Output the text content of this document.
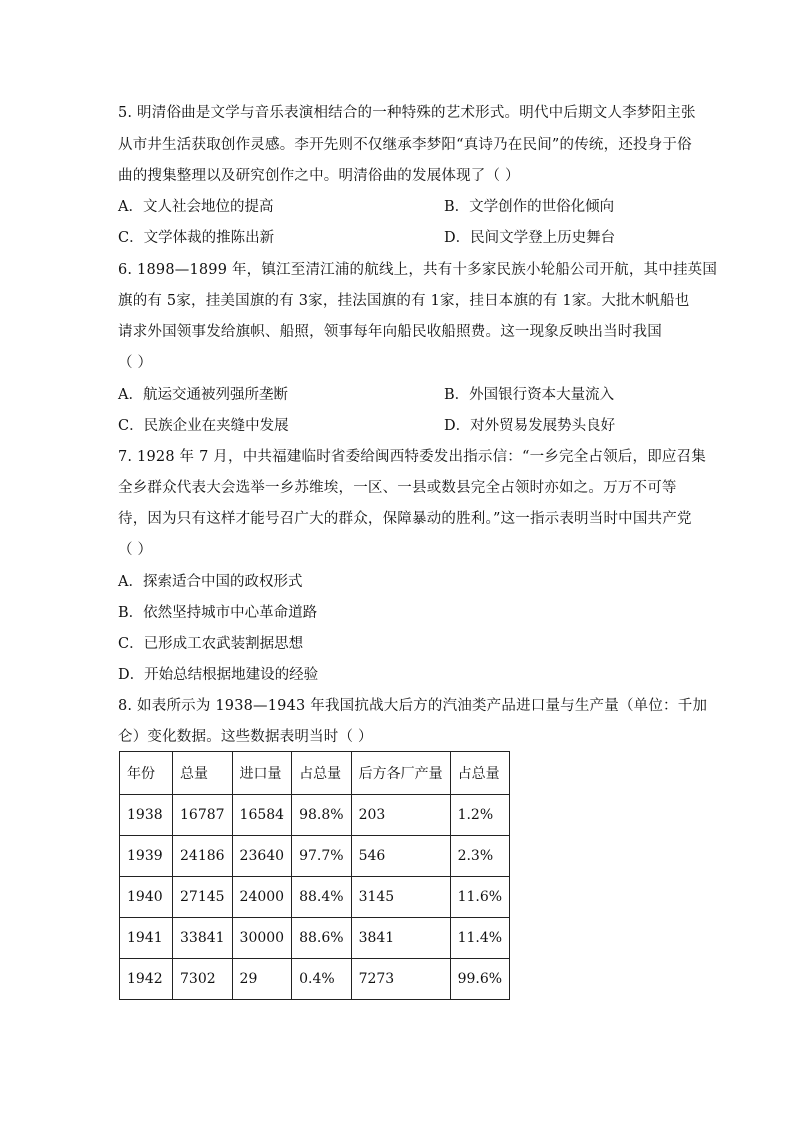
5. 明清俗曲是文学与音乐表演相结合的一种特殊的艺术形式。明代中后期文人李梦阳主张
从市井生活获取创作灵感。李开先则不仅继承李梦阳“真诗乃在民间”的传统，还投身于俗
曲的搜集整理以及研究创作之中。明清俗曲的发展体现了（ ）
A．文人社会地位的提高	B．文学创作的世俗化倾向
C．文学体裁的推陈出新	D．民间文学登上历史舞台
6. 1898—1899 年，镇江至清江浦的航线上，共有十多家民族小轮船公司开航，其中挂英国
旗的有 5家，挂美国旗的有 3家，挂法国旗的有 1家，挂日本旗的有 1家。大批木帆船也
请求外国领事发给旗帜、船照，领事每年向船民收船照费。这一现象反映出当时我国
（ ）
A．航运交通被列强所垄断	B．外国银行资本大量流入
C．民族企业在夹缝中发展	D．对外贸易发展势头良好
7. 1928 年 7 月，中共福建临时省委给闽西特委发出指示信：“一乡完全占领后，即应召集
全乡群众代表大会选举一乡苏维埃，一区、一县或数县完全占领时亦如之。万万不可等
待，因为只有这样才能号召广大的群众，保障暴动的胜利。”这一指示表明当时中国共产党
（ ）
A．探索适合中国的政权形式
B．依然坚持城市中心革命道路
C．已形成工农武装割据思想
D．开始总结根据地建设的经验
8. 如表所示为 1938—1943 年我国抗战大后方的汽油类产品进口量与生产量（单位：千加
仑）变化数据。这些数据表明当时（ ）
年份	总量	进口量	占总量	后方各厂产量	占总量
1938	16787	16584	98.8%	203	1.2%
1939	24186	23640	97.7%	546	2.3%
1940	27145	24000	88.4%	3145	11.6%
1941	33841	30000	88.6%	3841	11.4%
1942	7302	29	0.4%	7273	99.6%
